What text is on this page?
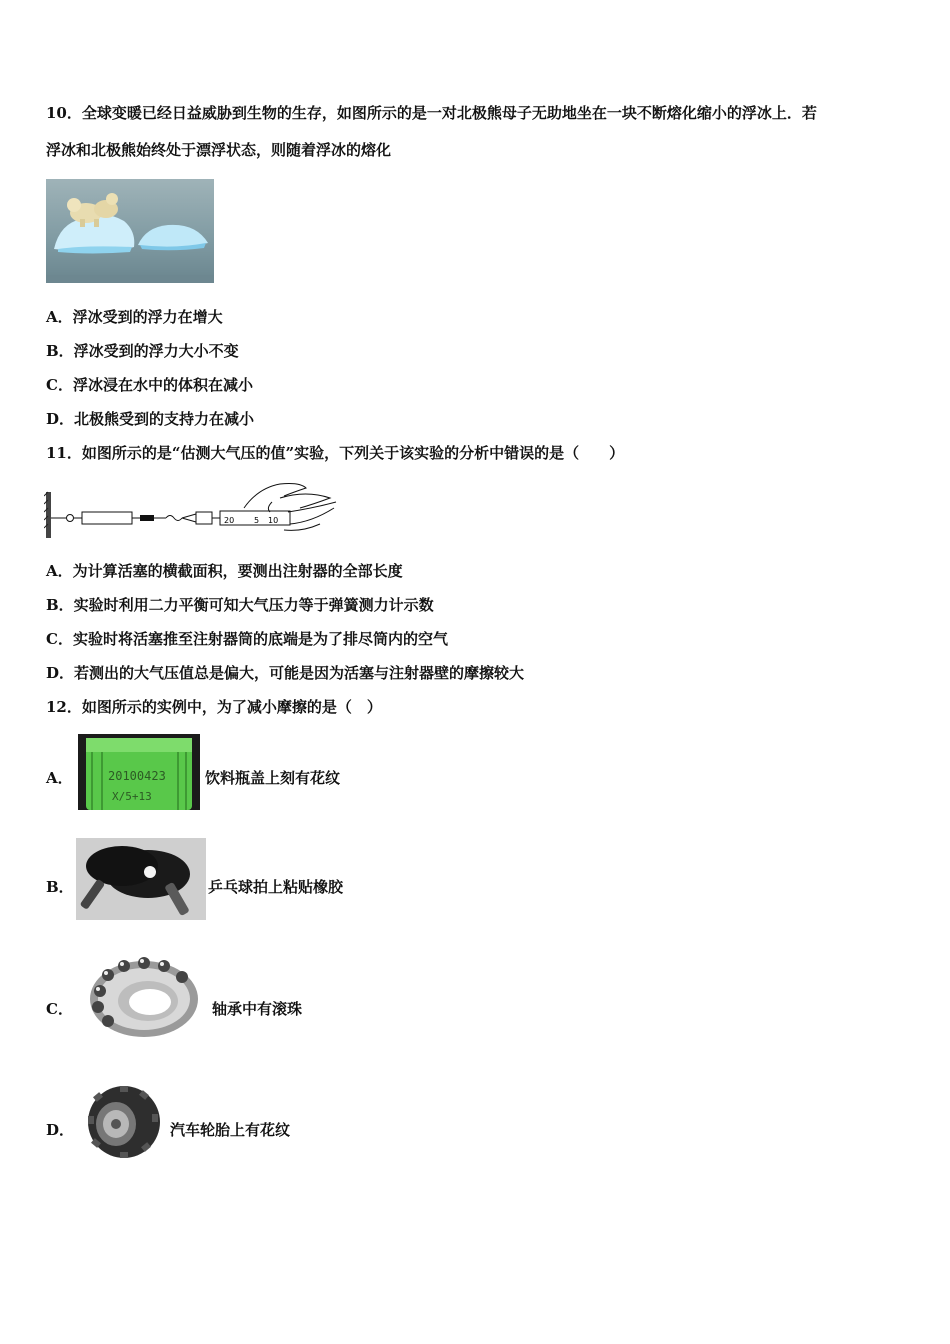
10．全球变暖已经日益威胁到生物的生存，如图所示的是一对北极熊母子无助地坐在一块不断熔化缩小的浮冰上．若
浮冰和北极熊始终处于漂浮状态，则随着浮冰的熔化
A．浮冰受到的浮力在增大
B．浮冰受到的浮力大小不变
C．浮冰浸在水中的体积在减小
D．北极熊受到的支持力在减小
11．如图所示的是“估测大气压的值”实验，下列关于该实验的分析中错误的是（　　）
20 5 10
A．为计算活塞的横截面积，要测出注射器的全部长度
B．实验时利用二力平衡可知大气压力等于弹簧测力计示数
C．实验时将活塞推至注射器筒的底端是为了排尽筒内的空气
D．若测出的大气压值总是偏大，可能是因为活塞与注射器壁的摩擦较大
12．如图所示的实例中，为了减小摩擦的是（　）
A．	20100423
X/5+13
饮料瓶盖上刻有花纹
B．	乒乓球拍上粘贴橡胶
C．	轴承中有滚珠
D．	汽车轮胎上有花纹
